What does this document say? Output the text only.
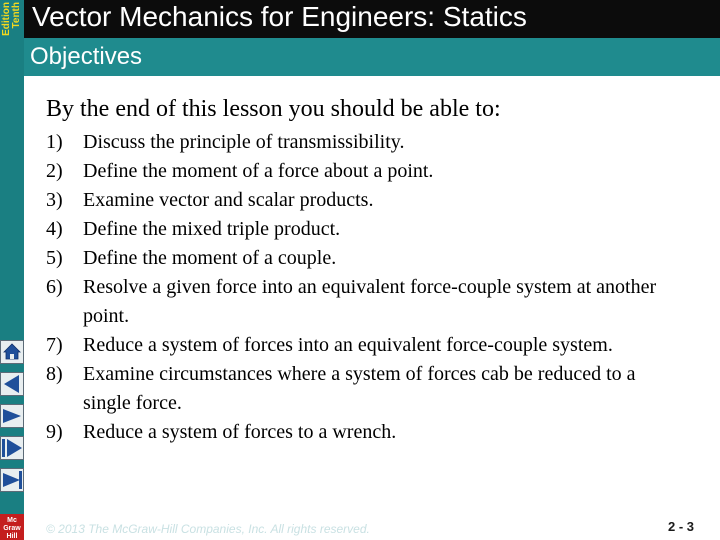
Tenth
Edition Vector Mechanics for Engineers: Statics
Objectives
By the end of this lesson you should be able to:
1)	Discuss the principle of transmissibility.
2)	Define the moment of a force about a point.
3)	Examine vector and scalar products.
4)	Define the mixed triple product.
5)	Define the moment of a couple.
6)	Resolve a given force into an equivalent force-couple system at another point.
7)	Reduce a system of forces into an equivalent force-couple system.
8)	Examine circumstances where a system of forces cab be reduced to a single force.
9)	Reduce a system of forces to a wrench.
Mc
Graw
Hill
© 2013 The McGraw-Hill Companies, Inc. All rights reserved.	2 - 3
